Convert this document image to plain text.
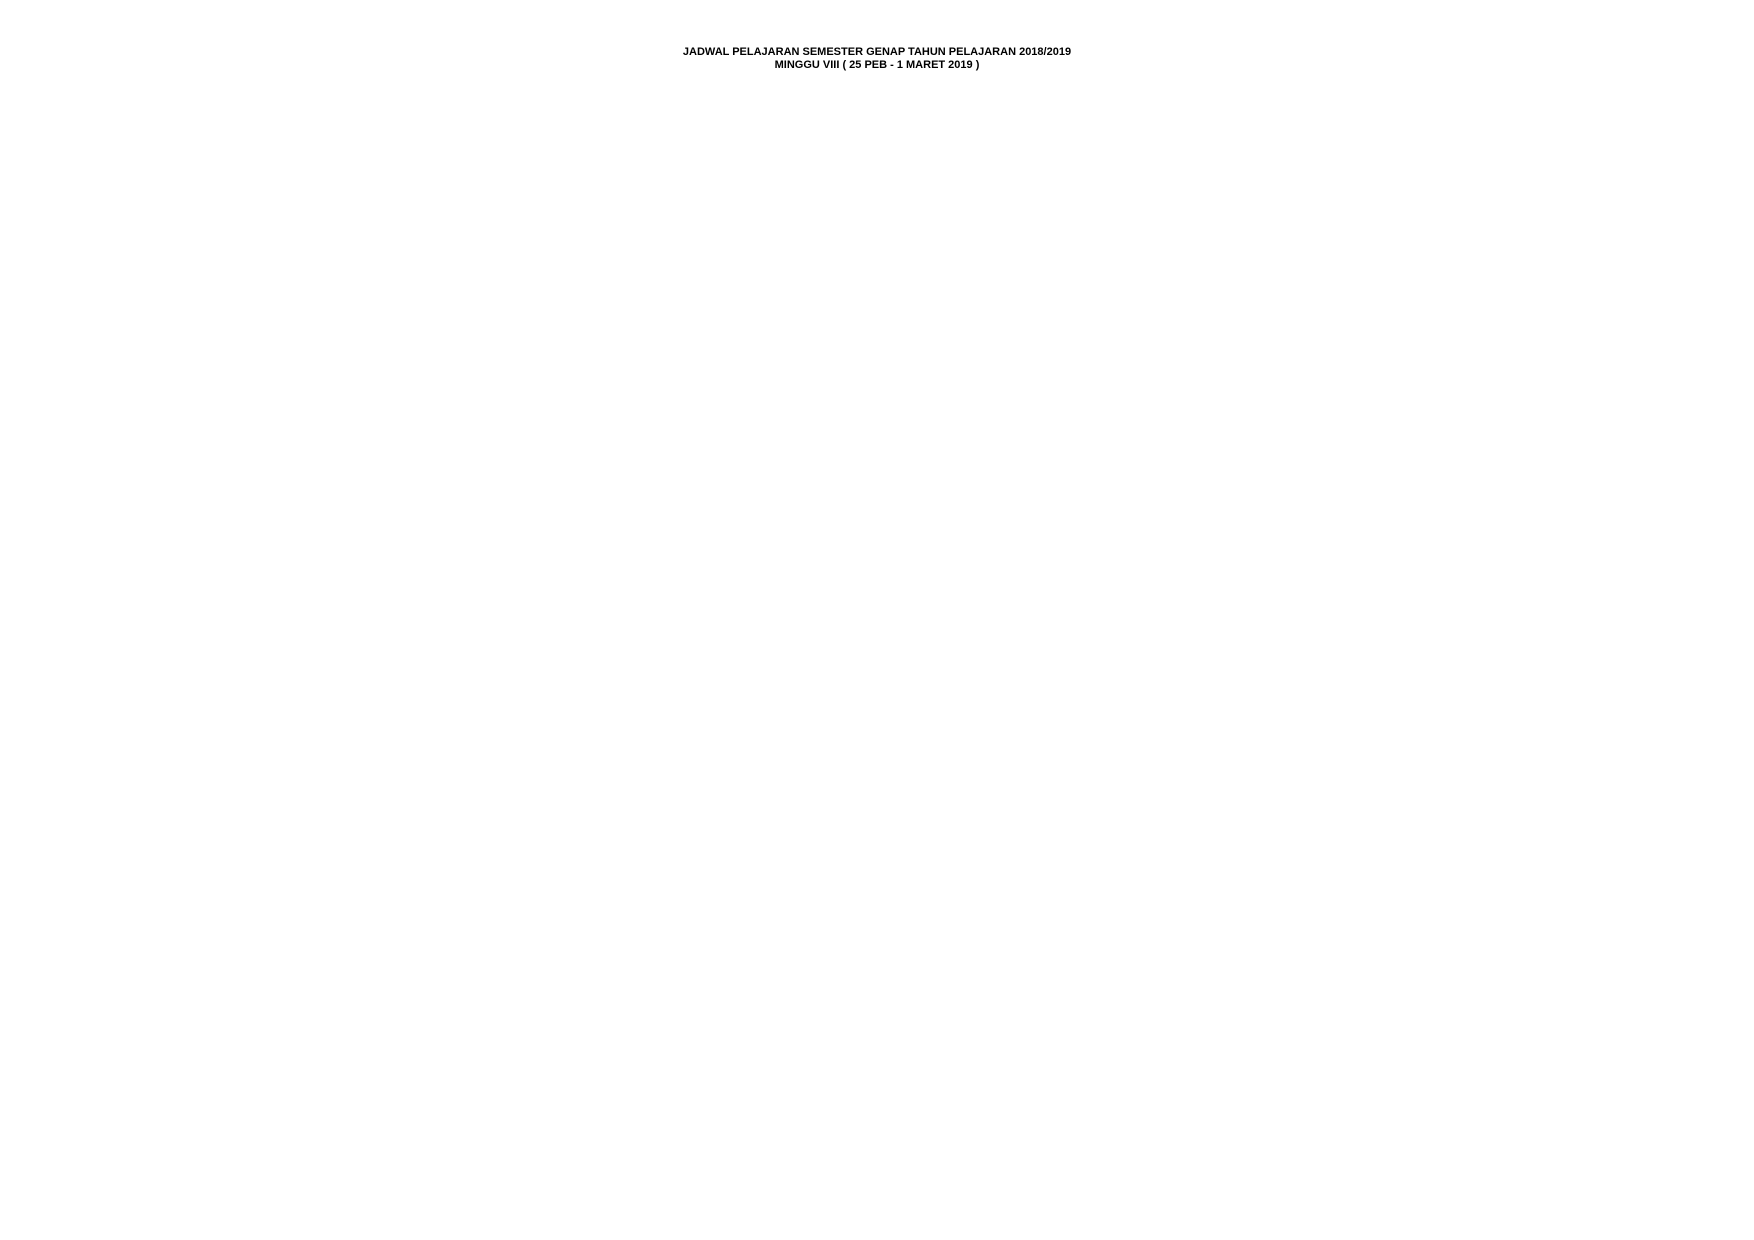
JADWAL PELAJARAN SEMESTER GENAP TAHUN PELAJARAN 2018/2019
MINGGU VIII ( 25 PEB - 1 MARET 2019 )
